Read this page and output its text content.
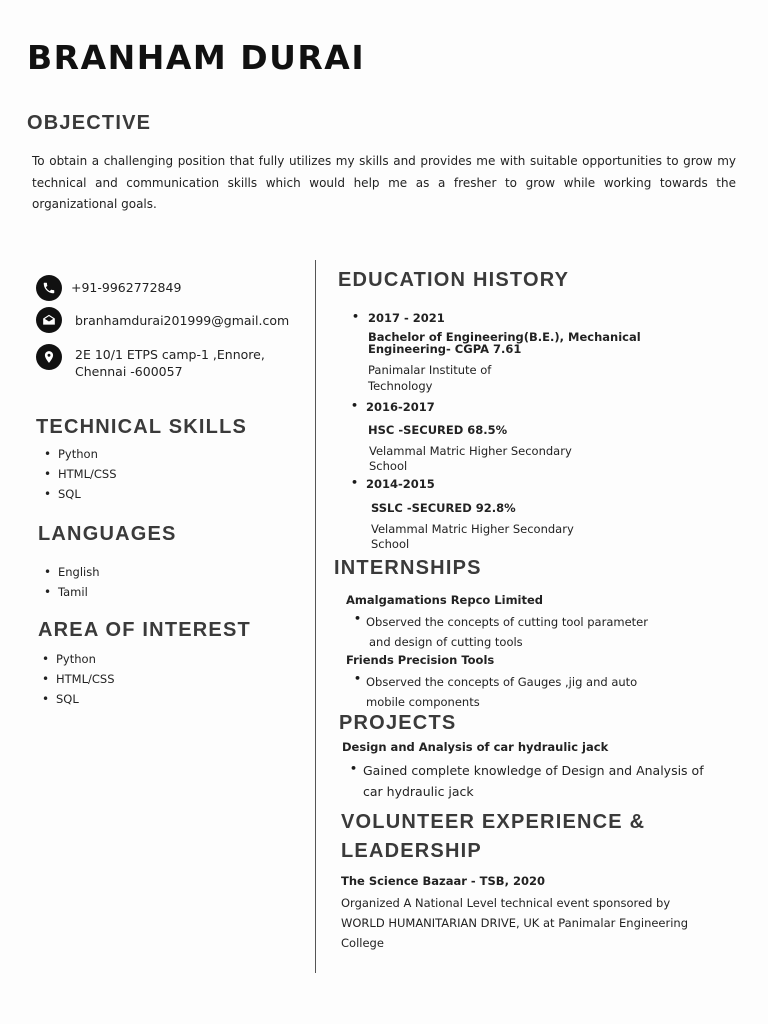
BRANHAM DURAI
OBJECTIVE
To obtain a challenging position that fully utilizes my skills and provides me with suitable opportunities to grow my technical and communication skills which would help me as a fresher to grow while working towards the organizational goals.
+91-9962772849
branhamdurai201999@gmail.com
2E 10/1 ETPS camp-1 ,Ennore,
Chennai -600057
TECHNICAL SKILLS
• Python
• HTML/CSS
• SQL
LANGUAGES
• English
• Tamil
AREA OF INTEREST
• Python
• HTML/CSS
• SQL
EDUCATION HISTORY
• 2017 - 2021
Bachelor of Engineering(B.E.), Mechanical
Engineering- CGPA 7.61
Panimalar Institute of
Technology
• 2016-2017
HSC -SECURED 68.5%
Velammal Matric Higher Secondary
School
• 2014-2015
SSLC -SECURED 92.8%
Velammal Matric Higher Secondary
School
INTERNSHIPS
Amalgamations Repco Limited
• Observed the concepts of cutting tool parameter
and design of cutting tools
Friends Precision Tools
• Observed the concepts of Gauges ,jig and auto
mobile components
PROJECTS
Design and Analysis of car hydraulic jack
• Gained complete knowledge of Design and Analysis of
car hydraulic jack
VOLUNTEER EXPERIENCE &
LEADERSHIP
The Science Bazaar - TSB, 2020
Organized A National Level technical event sponsored by
WORLD HUMANITARIAN DRIVE, UK at Panimalar Engineering
College
